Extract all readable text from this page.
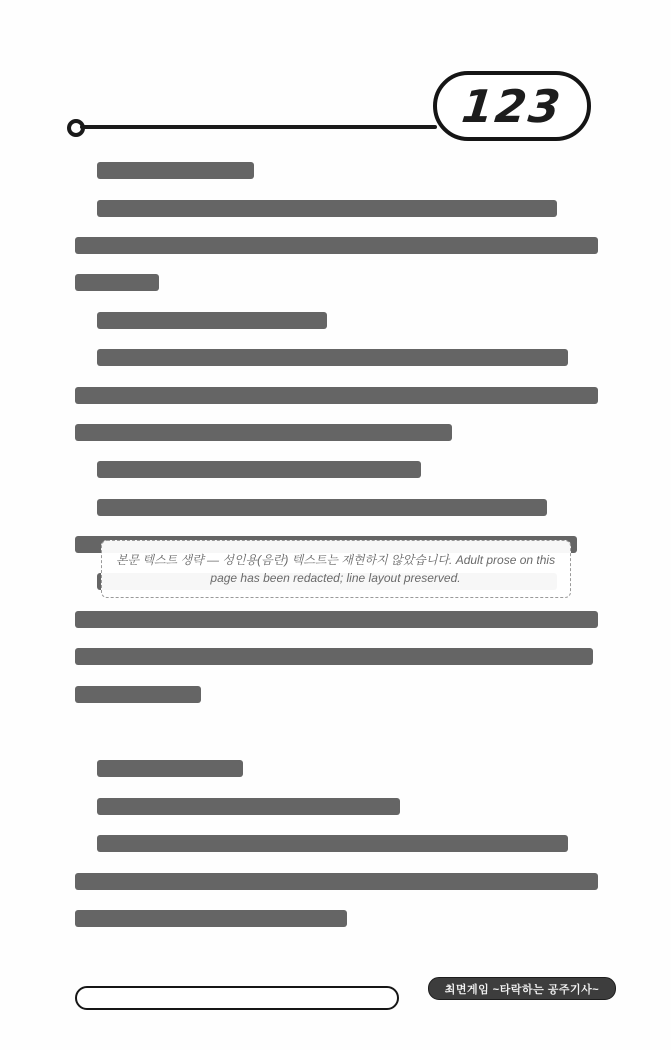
123
본문 텍스트 생략 — 성인용(음란) 텍스트는 재현하지 않았습니다. Adult prose on this page has been redacted; line layout preserved.
최면게임 ~타락하는 공주기사~
